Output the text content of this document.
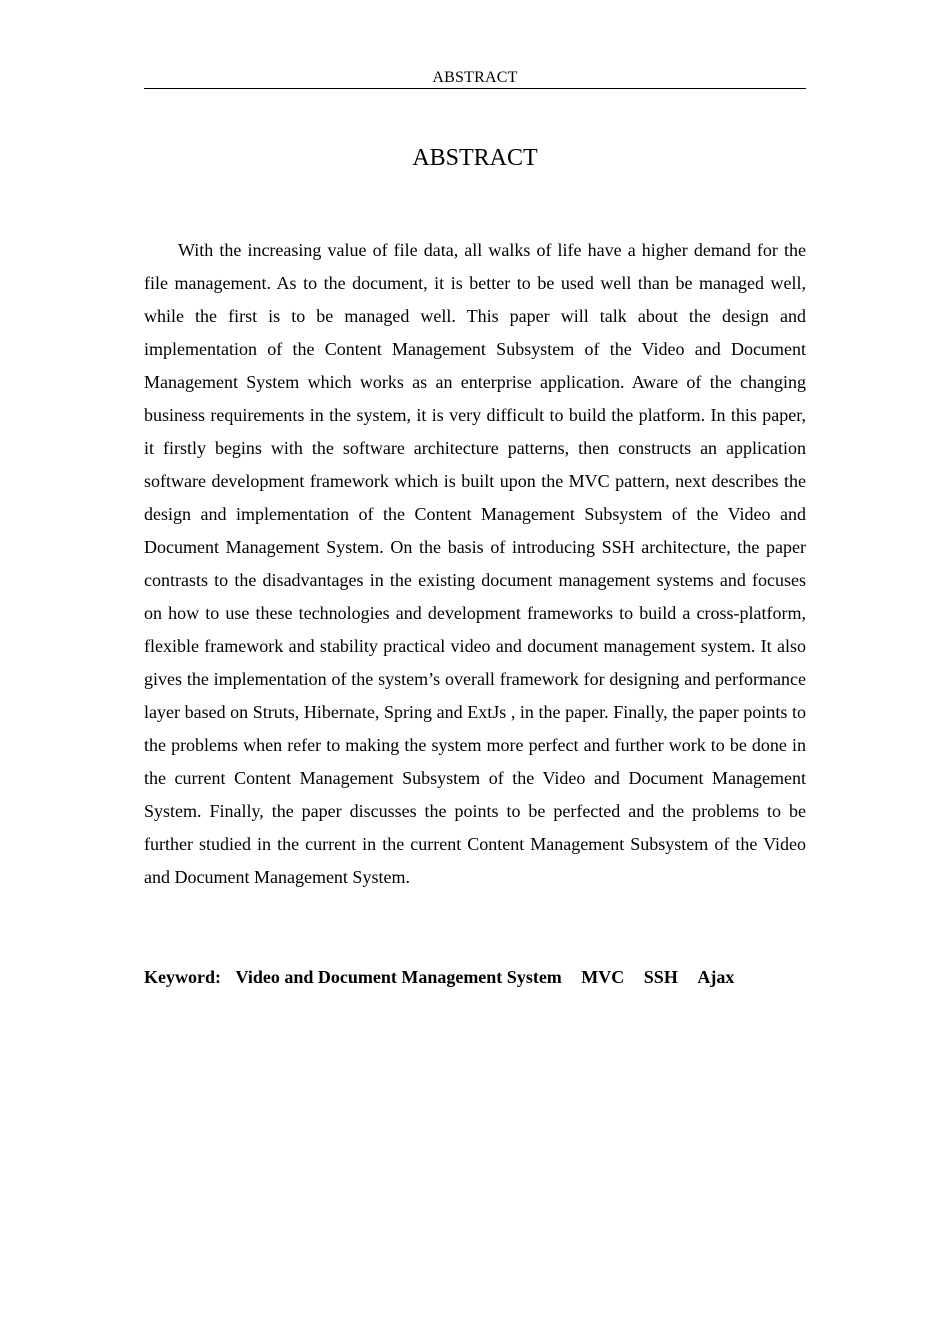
ABSTRACT
ABSTRACT

With the increasing value of file data, all walks of life have a higher demand for the file management. As to the document, it is better to be used well than be managed well, while the first is to be managed well. This paper will talk about the design and implementation of the Content Management Subsystem of the Video and Document Management System which works as an enterprise application. Aware of the changing business requirements in the system, it is very difficult to build the platform. In this paper, it firstly begins with the software architecture patterns, then constructs an application software development framework which is built upon the MVC pattern, next describes the design and implementation of the Content Management Subsystem of the Video and Document Management System. On the basis of introducing SSH architecture, the paper contrasts to the disadvantages in the existing document management systems and focuses on how to use these technologies and development frameworks to build a cross-platform, flexible framework and stability practical video and document management system. It also gives the implementation of the system’s overall framework for designing and performance layer based on Struts, Hibernate, Spring and ExtJs , in the paper. Finally, the paper points to the problems when refer to making the system more perfect and further work to be done in the current Content Management Subsystem of the Video and Document Management System. Finally, the paper discusses the points to be perfected and the problems to be further studied in the current in the current Content Management Subsystem of the Video and Document Management System.

Keyword: Video and Document Management System MVC SSH Ajax
